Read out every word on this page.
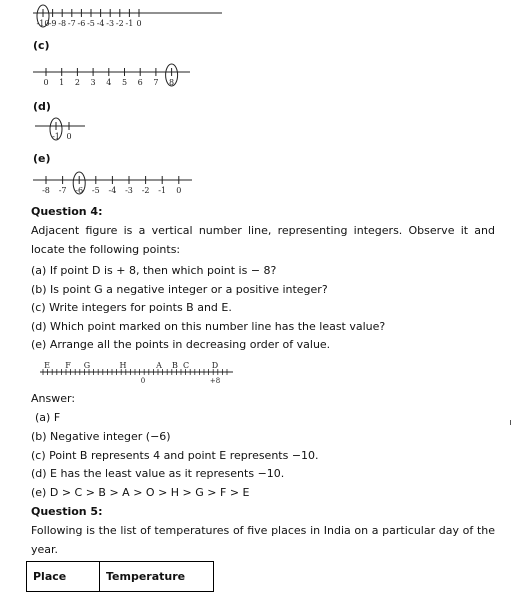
-10 -9 -8 -7 -6 -5 -4 -3 -2 -1 0
0 1 2 3 4 5 6 7 8
-1 0
-8 -7 -6 -5 -4 -3 -2 -1 0
E F G	H	A B C	D
0	+8
(c)
(d)
(e)
Question 4:
Adjacent figure is a vertical number line, representing integers. Observe it and locate the following points:
(a) If point D is + 8, then which point is − 8?
(b) Is point G a negative integer or a positive integer?
(c) Write integers for points B and E.
(d) Which point marked on this number line has the least value?
(e) Arrange all the points in decreasing order of value.
Answer:
(a) F
(b) Negative integer (−6)
(c) Point B represents 4 and point E represents −10.
(d) E has the least value as it represents −10.
(e) D > C > B > A > O > H > G > F > E
Question 5:
Following is the list of temperatures of five places in India on a particular day of the year.
Place	Temperature
